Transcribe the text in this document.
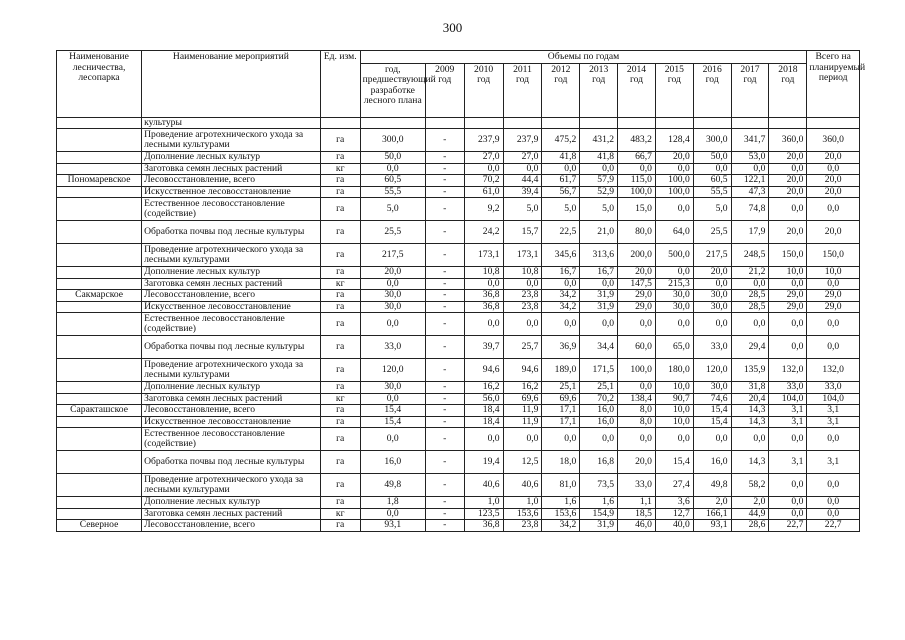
300
Наименование лесничества, лесопарка	Наименование мероприятий	Ед. изм.	Объемы по годам											Всего на планируемый период
			год, предшествующий разработке лесного плана	2009 год	2010 год	2011 год	2012 год	2013 год	2014 год	2015 год	2016 год	2017 год	2018 год	
	культуры													
	Проведение агротехнического ухода за лесными культурами	га	300,0	-	237,9	237,9	475,2	431,2	483,2	128,4	300,0	341,7	360,0	360,0
	Дополнение лесных культур	га	50,0	-	27,0	27,0	41,8	41,8	66,7	20,0	50,0	53,0	20,0	20,0
	Заготовка семян лесных растений	кг	0,0	-	0,0	0,0	0,0	0,0	0,0	0,0	0,0	0,0	0,0	0,0
Пономаревское	Лесовосстановление, всего	га	60,5	-	70,2	44,4	61,7	57,9	115,0	100,0	60,5	122,1	20,0	20,0
	Искусственное лесовосстановление	га	55,5	-	61,0	39,4	56,7	52,9	100,0	100,0	55,5	47,3	20,0	20,0
	Естественное лесовосстановление (содействие)	га	5,0	-	9,2	5,0	5,0	5,0	15,0	0,0	5,0	74,8	0,0	0,0
	Обработка почвы под лесные культуры	га	25,5	-	24,2	15,7	22,5	21,0	80,0	64,0	25,5	17,9	20,0	20,0
	Проведение агротехнического ухода за лесными культурами	га	217,5	-	173,1	173,1	345,6	313,6	200,0	500,0	217,5	248,5	150,0	150,0
	Дополнение лесных культур	га	20,0	-	10,8	10,8	16,7	16,7	20,0	0,0	20,0	21,2	10,0	10,0
	Заготовка семян лесных растений	кг	0,0	-	0,0	0,0	0,0	0,0	147,5	215,3	0,0	0,0	0,0	0,0
Сакмарское	Лесовосстановление, всего	га	30,0	-	36,8	23,8	34,2	31,9	29,0	30,0	30,0	28,5	29,0	29,0
	Искусственное лесовосстановление	га	30,0	-	36,8	23,8	34,2	31,9	29,0	30,0	30,0	28,5	29,0	29,0
	Естественное лесовосстановление (содействие)	га	0,0	-	0,0	0,0	0,0	0,0	0,0	0,0	0,0	0,0	0,0	0,0
	Обработка почвы под лесные культуры	га	33,0	-	39,7	25,7	36,9	34,4	60,0	65,0	33,0	29,4	0,0	0,0
	Проведение агротехнического ухода за лесными культурами	га	120,0	-	94,6	94,6	189,0	171,5	100,0	180,0	120,0	135,9	132,0	132,0
	Дополнение лесных культур	га	30,0	-	16,2	16,2	25,1	25,1	0,0	10,0	30,0	31,8	33,0	33,0
	Заготовка семян лесных растений	кг	0,0	-	56,0	69,6	69,6	70,2	138,4	90,7	74,6	20,4	104,0	104,0
Саракташское	Лесовосстановление, всего	га	15,4	-	18,4	11,9	17,1	16,0	8,0	10,0	15,4	14,3	3,1	3,1
	Искусственное лесовосстановление	га	15,4	-	18,4	11,9	17,1	16,0	8,0	10,0	15,4	14,3	3,1	3,1
	Естественное лесовосстановление (содействие)	га	0,0	-	0,0	0,0	0,0	0,0	0,0	0,0	0,0	0,0	0,0	0,0
	Обработка почвы под лесные культуры	га	16,0	-	19,4	12,5	18,0	16,8	20,0	15,4	16,0	14,3	3,1	3,1
	Проведение агротехнического ухода за лесными культурами	га	49,8	-	40,6	40,6	81,0	73,5	33,0	27,4	49,8	58,2	0,0	0,0
	Дополнение лесных культур	га	1,8	-	1,0	1,0	1,6	1,6	1,1	3,6	2,0	2,0	0,0	0,0
	Заготовка семян лесных растений	кг	0,0	-	123,5	153,6	153,6	154,9	18,5	12,7	166,1	44,9	0,0	0,0
Северное	Лесовосстановление, всего	га	93,1	-	36,8	23,8	34,2	31,9	46,0	40,0	93,1	28,6	22,7	22,7
